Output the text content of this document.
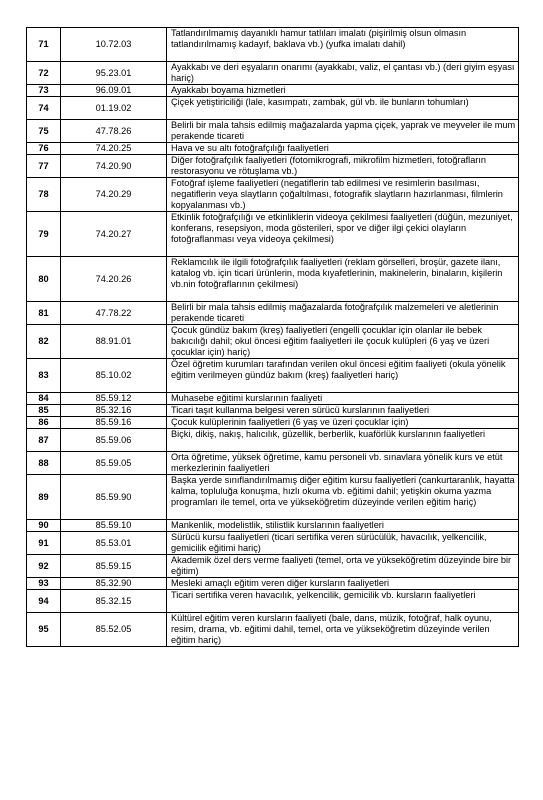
71	10.72.03	Tatlandırılmamış dayanıklı hamur tatlıları imalatı (pişirilmiş olsun olmasın tatlandırılmamış kadayıf, baklava vb.) (yufka imalatı dahil)
72	95.23.01	Ayakkabı ve deri eşyaların onarımı (ayakkabı, valiz, el çantası vb.) (deri giyim eşyası hariç)
73	96.09.01	Ayakkabı boyama hizmetleri
74	01.19.02	Çiçek yetiştiriciliği (lale, kasımpatı, zambak, gül vb. ile bunların tohumları)
75	47.78.26	Belirli bir mala tahsis edilmiş mağazalarda yapma çiçek, yaprak ve meyveler ile mum perakende ticareti
76	74.20.25	Hava ve su altı fotoğrafçılığı faaliyetleri
77	74.20.90	Diğer fotoğrafçılık faaliyetleri (fotomikrografi, mikrofilm hizmetleri, fotoğrafların restorasyonu ve rötuşlama vb.)
78	74.20.29	Fotoğraf işleme faaliyetleri (negatiflerin tab edilmesi ve resimlerin basılması, negatiflerin veya slaytların çoğaltılması, fotografik slaytların hazırlanması, filmlerin kopyalanması vb.)
79	74.20.27	Etkinlik fotoğrafçılığı ve etkinliklerin videoya çekilmesi faaliyetleri (düğün, mezuniyet, konferans, resepsiyon, moda gösterileri, spor ve diğer ilgi çekici olayların fotoğraflanması veya videoya çekilmesi)
80	74.20.26	Reklamcılık ile ilgili fotoğrafçılık faaliyetleri (reklam görselleri, broşür, gazete ilanı, katalog vb. için ticari ürünlerin, moda kıyafetlerinin, makinelerin, binaların, kişilerin vb.nin fotoğraflarının çekilmesi)
81	47.78.22	Belirli bir mala tahsis edilmiş mağazalarda fotoğrafçılık malzemeleri ve aletlerinin perakende ticareti
82	88.91.01	Çocuk gündüz bakım (kreş) faaliyetleri (engelli çocuklar için olanlar ile bebek bakıcılığı dahil; okul öncesi eğitim faaliyetleri ile çocuk kulüpleri (6 yaş ve üzeri çocuklar için) hariç)
83	85.10.02	Özel öğretim kurumları tarafından verilen okul öncesi eğitim faaliyeti (okula yönelik eğitim verilmeyen gündüz bakım (kreş) faaliyetleri hariç)
84	85.59.12	Muhasebe eğitimi kurslarının faaliyeti
85	85.32.16	Ticari taşıt kullanma belgesi veren sürücü kurslarının faaliyetleri
86	85.59.16	Çocuk kulüplerinin faaliyetleri (6 yaş ve üzeri çocuklar için)
87	85.59.06	Biçki, dikiş, nakış, halıcılık, güzellik, berberlik, kuaförlük kurslarının faaliyetleri
88	85.59.05	Orta öğretime, yüksek öğretime, kamu personeli vb. sınavlara yönelik kurs ve etüt merkezlerinin faaliyetleri
89	85.59.90	Başka yerde sınıflandırılmamış diğer eğitim kursu faaliyetleri (cankurtaranlık, hayatta kalma, topluluğa konuşma, hızlı okuma vb. eğitimi dahil; yetişkin okuma yazma programları ile temel, orta ve yükseköğretim düzeyinde verilen eğitim hariç)
90	85.59.10	Mankenlik, modelistlik, stilistlik kurslarının faaliyetleri
91	85.53.01	Sürücü kursu faaliyetleri (ticari sertifika veren sürücülük, havacılık, yelkencilik, gemicilik eğitimi hariç)
92	85.59.15	Akademik özel ders verme faaliyeti (temel, orta ve yükseköğretim düzeyinde bire bir eğitim)
93	85.32.90	Mesleki amaçlı eğitim veren diğer kursların faaliyetleri
94	85.32.15	Ticari sertifika veren havacılık, yelkencilik, gemicilik vb. kursların faaliyetleri
95	85.52.05	Kültürel eğitim veren kursların faaliyeti (bale, dans, müzik, fotoğraf, halk oyunu, resim, drama, vb. eğitimi dahil, temel, orta ve yükseköğretim düzeyinde verilen eğitim hariç)
